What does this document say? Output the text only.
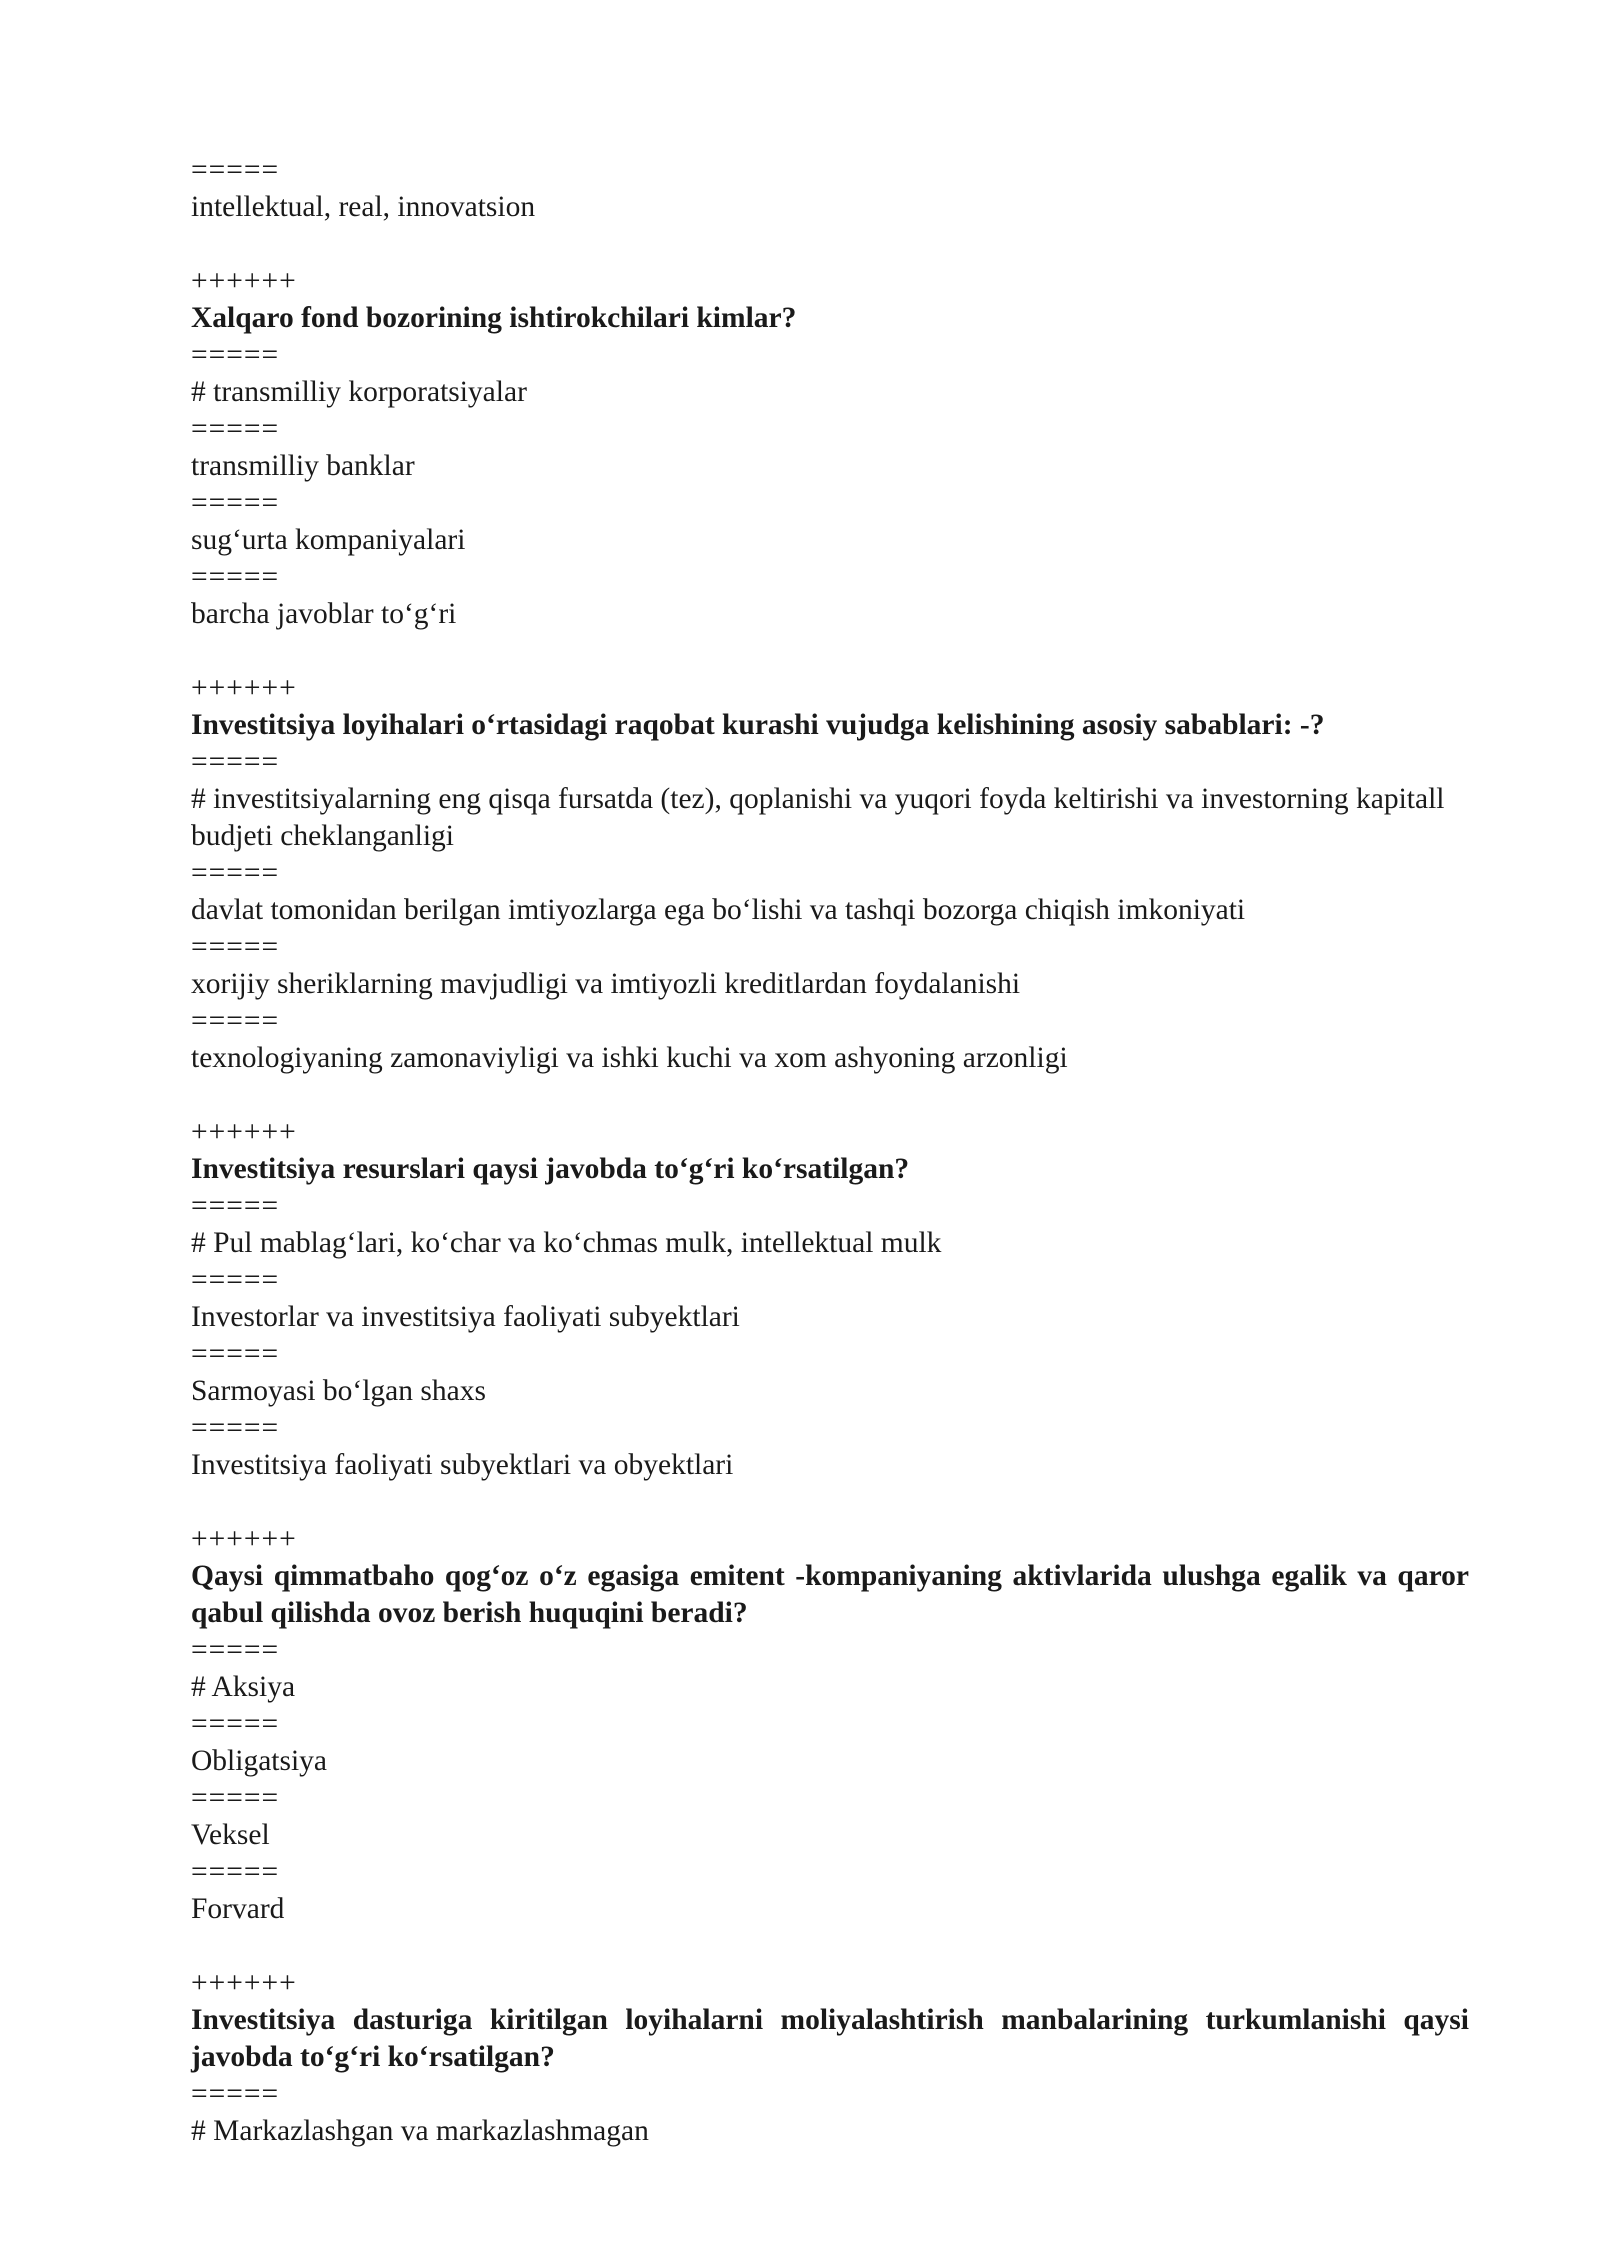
=====
intellektual, real, innovatsion
++++++
Xalqaro fond bozorining ishtirokchilari kimlar?
=====
# transmilliy korporatsiyalar
=====
transmilliy banklar
=====
sug‘urta kompaniyalari
=====
barcha javoblar to‘g‘ri
++++++
Investitsiya loyihalari o‘rtasidagi raqobat kurashi vujudga kelishining asosiy sabablari: -?
=====
# investitsiyalarning eng qisqa fursatda (tez), qoplanishi va yuqori foyda keltirishi va investorning kapitall budjeti cheklanganligi
=====
davlat tomonidan berilgan imtiyozlarga ega bo‘lishi va tashqi bozorga chiqish imkoniyati
=====
xorijiy sheriklarning mavjudligi va imtiyozli kreditlardan foydalanishi
=====
texnologiyaning zamonaviyligi va ishki kuchi va xom ashyoning arzonligi
++++++
Investitsiya resurslari qaysi javobda to‘g‘ri ko‘rsatilgan?
=====
# Pul mablag‘lari, ko‘char va ko‘chmas mulk, intellektual mulk
=====
Investorlar va investitsiya faoliyati subyektlari
=====
Sarmoyasi bo‘lgan shaxs
=====
Investitsiya faoliyati subyektlari va obyektlari
++++++
Qaysi qimmatbaho qog‘oz o‘z egasiga emitent -kompaniyaning aktivlarida ulushga egalik va qaror qabul qilishda ovoz berish huquqini beradi?
=====
# Aksiya
=====
Obligatsiya
=====
Veksel
=====
Forvard
++++++
Investitsiya dasturiga kiritilgan loyihalarni moliyalashtirish manbalarining turkumlanishi qaysi javobda to‘g‘ri ko‘rsatilgan?
=====
# Markazlashgan va markazlashmagan
